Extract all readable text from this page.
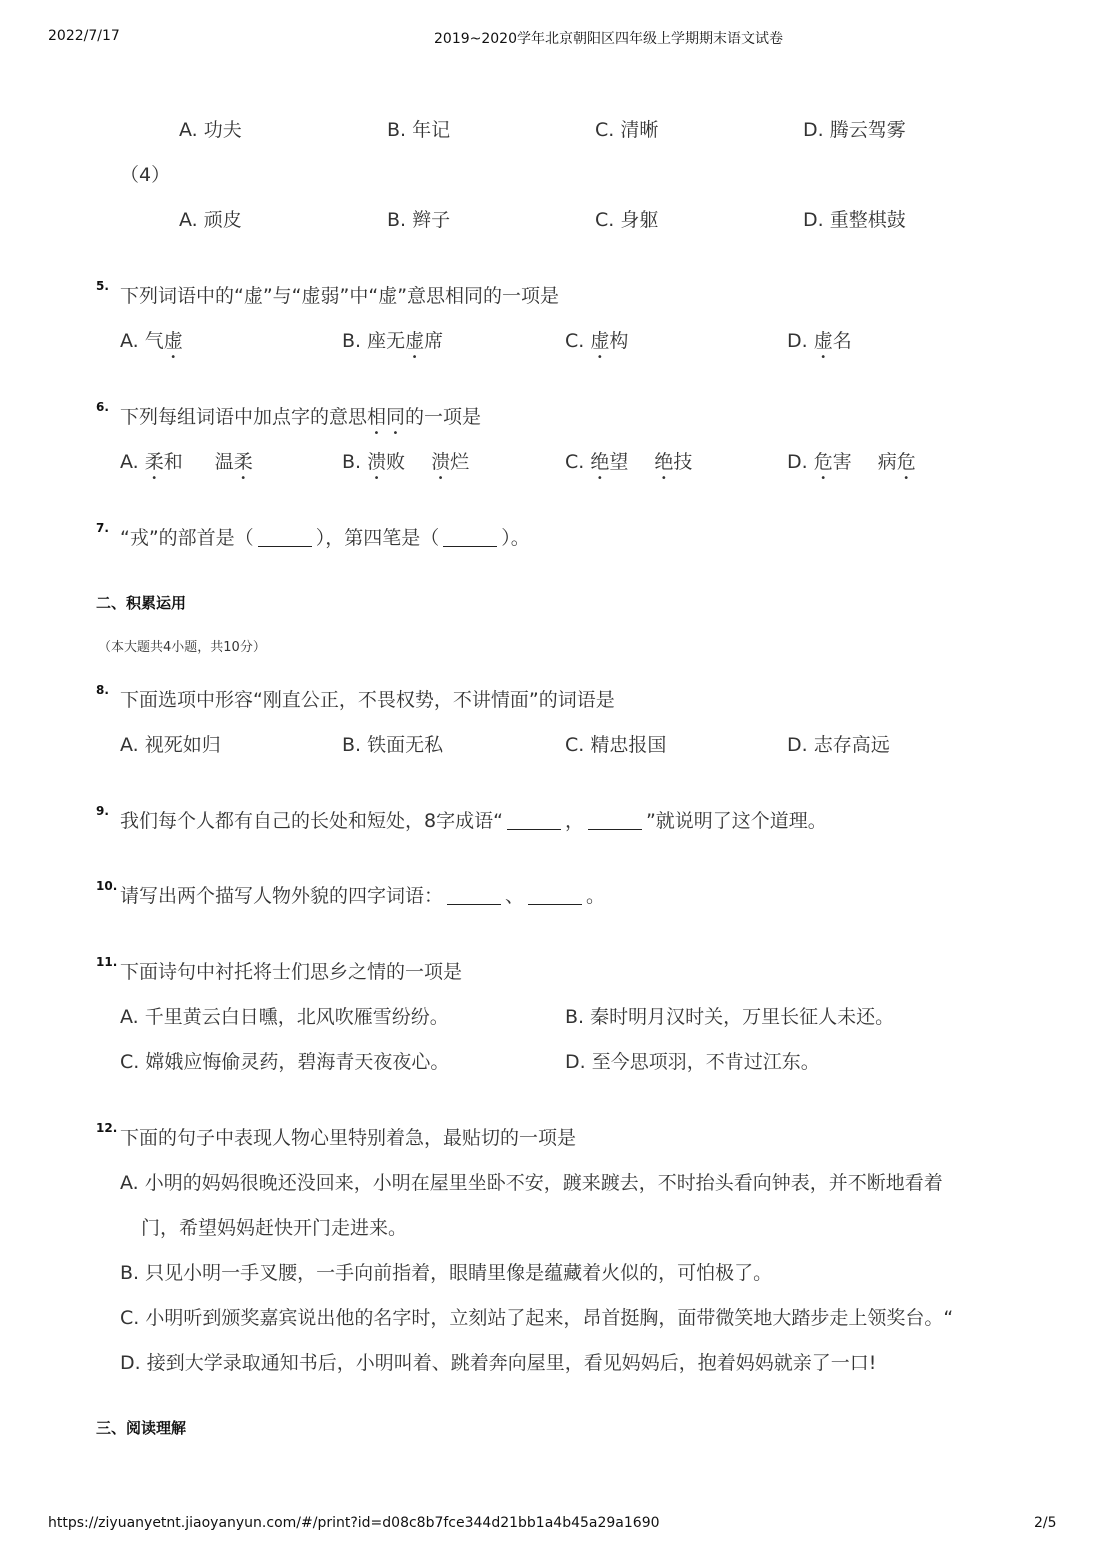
2022/7/17	2019~2020学年北京朝阳区四年级上学期期末语文试卷
A. 功夫	B. 年记	C. 清晰	D. 腾云驾雾
（4）
A. 顽皮	B. 辫子	C. 身躯	D. 重整棋鼓
5. 下列词语中的“虚”与“虚弱”中“虚”意思相同的一项是
A. 气虚	B. 座无虚席	C. 虚构	D. 虚名
6. 下列每组词语中加点字的意思相同的一项是
A. 柔和 温柔	B. 溃败 溃烂	C. 绝望 绝技	D. 危害 病危
7. “戎”的部首是（	），第四笔是（	）。
二、积累运用
（本大题共4小题，共10分）
8. 下面选项中形容“刚直公正，不畏权势，不讲情面”的词语是
A. 视死如归	B. 铁面无私	C. 精忠报国	D. 志存高远
9. 我们每个人都有自己的长处和短处，8字成语“	，	”就说明了这个道理。
10. 请写出两个描写人物外貌的四字词语：	、	。
11. 下面诗句中衬托将士们思乡之情的一项是
A. 千里黄云白日曛，北风吹雁雪纷纷。	B. 秦时明月汉时关，万里长征人未还。
C. 嫦娥应悔偷灵药，碧海青天夜夜心。	D. 至今思项羽，不肯过江东。
12. 下面的句子中表现人物心里特别着急，最贴切的一项是
A. 小明的妈妈很晚还没回来，小明在屋里坐卧不安，踱来踱去，不时抬头看向钟表，并不断地看着
门，希望妈妈赶快开门走进来。
B. 只见小明一手叉腰，一手向前指着，眼睛里像是蕴藏着火似的，可怕极了。
C. 小明听到颁奖嘉宾说出他的名字时，立刻站了起来，昂首挺胸，面带微笑地大踏步走上领奖台。“
D. 接到大学录取通知书后，小明叫着、跳着奔向屋里，看见妈妈后，抱着妈妈就亲了一口!
三、阅读理解
https://ziyuanyetnt.jiaoyanyun.com/#/print?id=d08c8b7fce344d21bb1a4b45a29a1690	2/5
